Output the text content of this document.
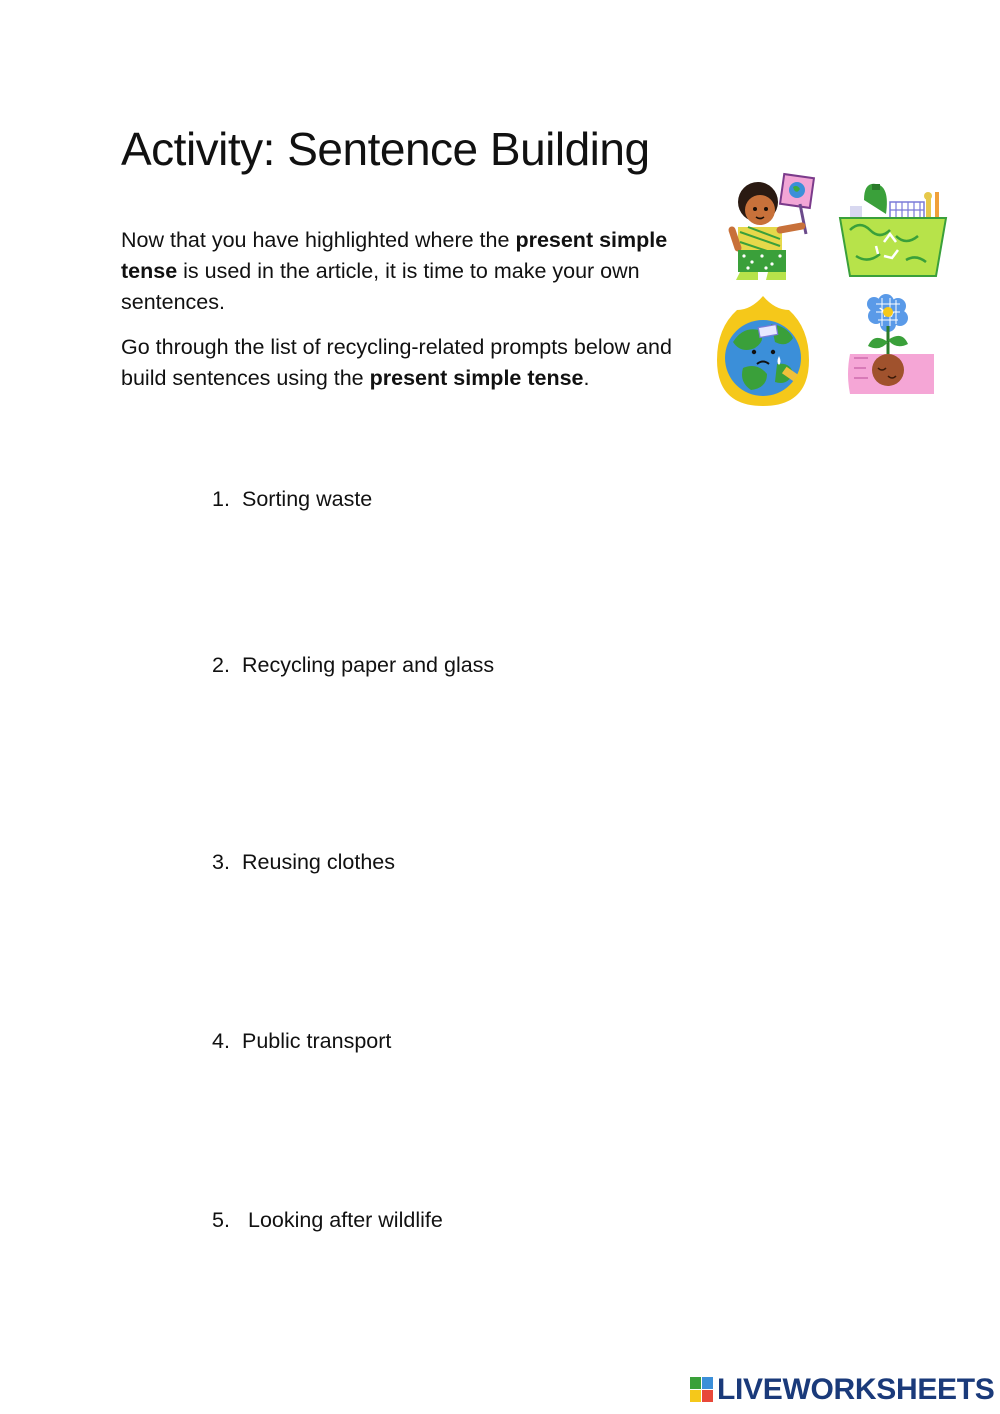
Activity: Sentence Building

Now that you have highlighted where the present simple tense is used in the article, it is time to make your own sentences.

Go through the list of recycling-related prompts below and build sentences using the present simple tense.

1. Sorting waste
2. Recycling paper and glass
3. Reusing clothes
4. Public transport
5. Looking after wildlife
LIVEWORKSHEETS
